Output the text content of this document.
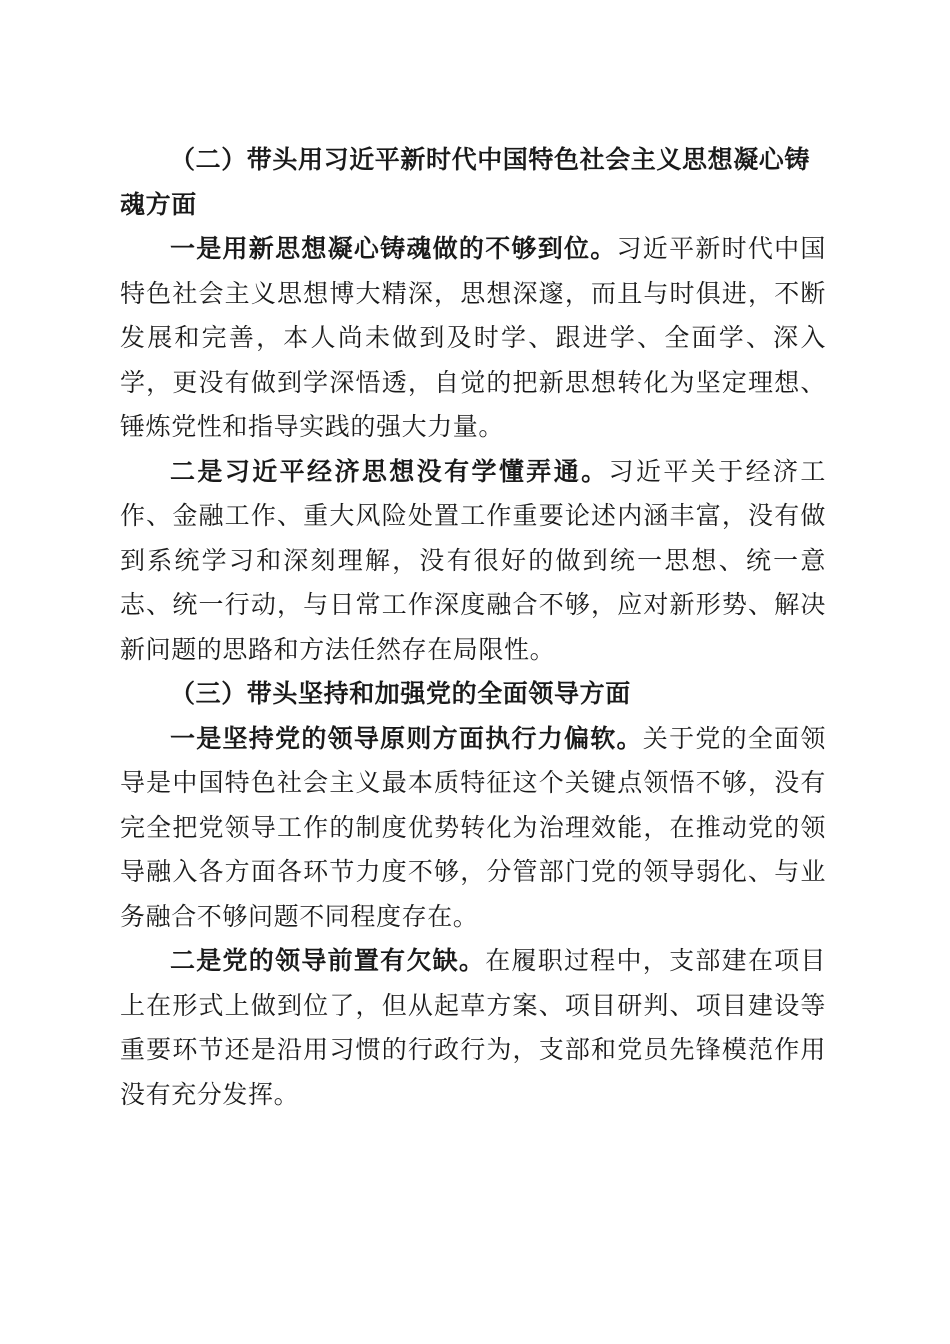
（二）带头用习近平新时代中国特色社会主义思想凝心铸魂方面

一是用新思想凝心铸魂做的不够到位。习近平新时代中国特色社会主义思想博大精深，思想深邃，而且与时俱进，不断发展和完善，本人尚未做到及时学、跟进学、全面学、深入学，更没有做到学深悟透，自觉的把新思想转化为坚定理想、锤炼党性和指导实践的强大力量。

二是习近平经济思想没有学懂弄通。习近平关于经济工作、金融工作、重大风险处置工作重要论述内涵丰富，没有做到系统学习和深刻理解，没有很好的做到统一思想、统一意志、统一行动，与日常工作深度融合不够，应对新形势、解决新问题的思路和方法任然存在局限性。

（三）带头坚持和加强党的全面领导方面

一是坚持党的领导原则方面执行力偏软。关于党的全面领导是中国特色社会主义最本质特征这个关键点领悟不够，没有完全把党领导工作的制度优势转化为治理效能，在推动党的领导融入各方面各环节力度不够，分管部门党的领导弱化、与业务融合不够问题不同程度存在。

二是党的领导前置有欠缺。在履职过程中，支部建在项目上在形式上做到位了，但从起草方案、项目研判、项目建设等重要环节还是沿用习惯的行政行为，支部和党员先锋模范作用没有充分发挥。
